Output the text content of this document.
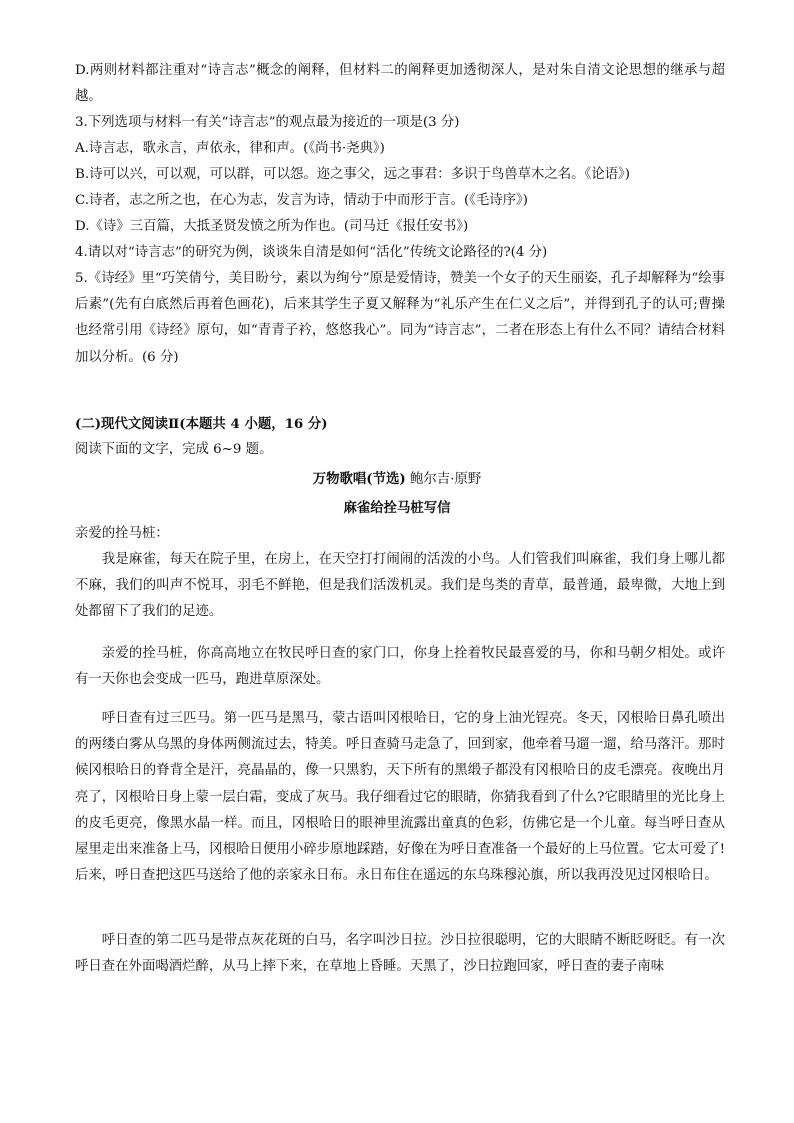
D.两则材料都注重对“诗言志”概念的阐释，但材料二的阐释更加透彻深人，是对朱自清文论思想的继承与超越。

3.下列选项与材料一有关“诗言志”的观点最为接近的一项是(3 分)

A.诗言志，歌永言，声依永，律和声。(《尚书·尧典》)

B.诗可以兴，可以观，可以群，可以怨。迩之事父，远之事君：多识于鸟兽草木之名。《论语》)

C.诗者，志之所之也，在心为志，发言为诗，情动于中而形于言。(《毛诗序》)

D.《诗》三百篇，大抵圣贤发愤之所为作也。(司马迁《报任安书》)

4.请以对“诗言志”的研究为例，谈谈朱自清是如何“活化”传统文论路径的?(4 分)

5.《诗经》里“巧笑倩兮，美目盼兮，素以为绚兮”原是爱情诗，赞美一个女子的天生丽姿，孔子却解释为“绘事后素”(先有白底然后再着色画花)，后来其学生子夏又解释为“礼乐产生在仁义之后”，并得到孔子的认可;曹操也经常引用《诗经》原句，如“青青子衿，悠悠我心”。同为“诗言志”，二者在形态上有什么不同？请结合材料加以分析。(6 分)

(二)现代文阅读Ⅱ(本题共 4 小题，16 分)

阅读下面的文字，完成 6~9 题。

万物歌唱(节选) 鲍尔吉·原野

麻雀给拴马桩写信

亲爱的拴马桩：

我是麻雀，每天在院子里，在房上，在天空打打闹闹的活泼的小鸟。人们管我们叫麻雀，我们身上哪儿都不麻，我们的叫声不悦耳，羽毛不鲜艳，但是我们活泼机灵。我们是鸟类的青草，最普通，最卑微，大地上到处都留下了我们的足迹。

亲爱的拴马桩，你高高地立在牧民呼日查的家门口，你身上拴着牧民最喜爱的马，你和马朝夕相处。或许有一天你也会变成一匹马，跑进草原深处。

呼日查有过三匹马。第一匹马是黑马，蒙古语叫冈根哈日，它的身上油光锃亮。冬天，冈根哈日鼻孔喷出的两缕白雾从乌黑的身体两侧流过去，特美。呼日查骑马走急了，回到家，他牵着马遛一遛，给马落汗。那时候冈根哈日的脊背全是汗，亮晶晶的，像一只黑豹，天下所有的黑缎子都没有冈根哈日的皮毛漂亮。夜晚出月亮了，冈根哈日身上蒙一层白霜，变成了灰马。我仔细看过它的眼睛，你猜我看到了什么?它眼睛里的光比身上的皮毛更亮，像黑水晶一样。而且，冈根哈日的眼神里流露出童真的色彩，仿佛它是一个儿童。每当呼日查从屋里走出来准备上马，冈根哈日便用小碎步原地踩踏，好像在为呼日查准备一个最好的上马位置。它太可爱了!后来，呼日查把这匹马送给了他的亲家永日布。永日布住在遥远的东乌珠穆沁旗，所以我再没见过冈根哈日。

呼日查的第二匹马是带点灰花斑的白马，名字叫沙日拉。沙日拉很聪明，它的大眼睛不断眨呀眨。有一次呼日查在外面喝酒烂醉，从马上摔下来，在草地上昏睡。天黑了，沙日拉跑回家，呼日查的妻子南味
